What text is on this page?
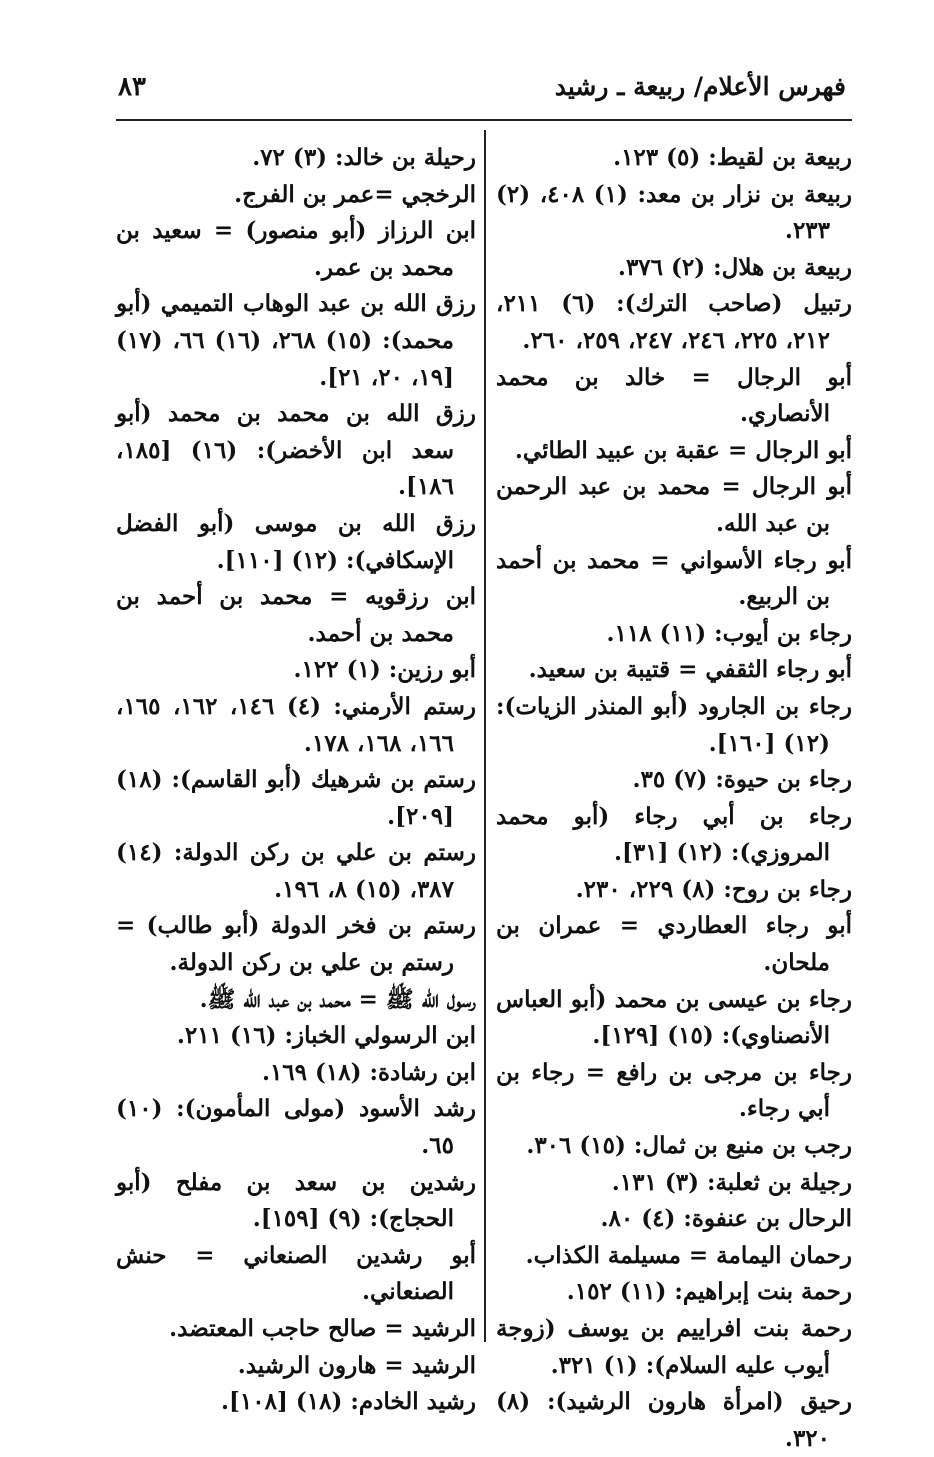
فهرس الأعلام/ ربيعة ـ رشيد
٨٣
ربيعة بن لقيط: (٥) ١٢٣.
ربيعة بن نزار بن معد: (١) ٤٠٨، (٢) ٢٣٣.
ربيعة بن هلال: (٢) ٣٧٦.
رتبيل (صاحب الترك): (٦) ٢١١، ٢١٢، ٢٢٥، ٢٤٦، ٢٤٧، ٢٥٩، ٢٦٠.
أبو الرجال = خالد بن محمد الأنصاري.
أبو الرجال = عقبة بن عبيد الطائي.
أبو الرجال = محمد بن عبد الرحمن بن عبد الله.
أبو رجاء الأسواني = محمد بن أحمد بن الربيع.
رجاء بن أيوب: (١١) ١١٨.
أبو رجاء الثقفي = قتيبة بن سعيد.
رجاء بن الجارود (أبو المنذر الزيات): (١٢) [١٦٠].
رجاء بن حيوة: (٧) ٣٥.
رجاء بن أبي رجاء (أبو محمد المروزي): (١٢) [٣١].
رجاء بن روح: (٨) ٢٢٩، ٢٣٠.
أبو رجاء العطاردي = عمران بن ملحان.
رجاء بن عيسى بن محمد (أبو العباس الأنصناوي): (١٥) [١٢٩].
رجاء بن مرجى بن رافع = رجاء بن أبي رجاء.
رجب بن منيع بن ثمال: (١٥) ٣٠٦.
رجيلة بن ثعلبة: (٣) ١٣١.
الرحال بن عنفوة: (٤) ٨٠.
رحمان اليمامة = مسيلمة الكذاب.
رحمة بنت إبراهيم: (١١) ١٥٢.
رحمة بنت افراييم بن يوسف (زوجة أيوب عليه السلام): (١) ٣٢١.
رحيق (امرأة هارون الرشيد): (٨) ٣٢٠.
رحيلة بن خالد: (٣) ٧٢.
الرخجي =عمر بن الفرج.
ابن الرزاز (أبو منصور) = سعيد بن محمد بن عمر.
رزق الله بن عبد الوهاب التميمي (أبو محمد): (١٥) ٢٦٨، (١٦) ٦٦، (١٧) [١٩، ٢٠، ٢١].
رزق الله بن محمد بن محمد (أبو سعد ابن الأخضر): (١٦) [١٨٥، ١٨٦].
رزق الله بن موسى (أبو الفضل الإسكافي): (١٢) [١١٠].
ابن رزقويه = محمد بن أحمد بن محمد بن أحمد.
أبو رزين: (١) ١٢٢.
رستم الأرمني: (٤) ١٤٦، ١٦٢، ١٦٥، ١٦٦، ١٦٨، ١٧٨.
رستم بن شرهيك (أبو القاسم): (١٨) [٢٠٩].
رستم بن علي بن ركن الدولة: (١٤) ٣٨٧، (١٥) ٨، ١٩٦.
رستم بن فخر الدولة (أبو طالب) = رستم بن علي بن ركن الدولة.
رسول الله ﷺ = محمد بن عبد الله ﷺ.
ابن الرسولي الخباز: (١٦) ٢١١.
ابن رشادة: (١٨) ١٦٩.
رشد الأسود (مولى المأمون): (١٠) ٦٥.
رشدين بن سعد بن مفلح (أبو الحجاج): (٩) [١٥٩].
أبو رشدين الصنعاني = حنش الصنعاني.
الرشيد = صالح حاجب المعتضد.
الرشيد = هارون الرشيد.
رشيد الخادم: (١٨) [١٠٨].
